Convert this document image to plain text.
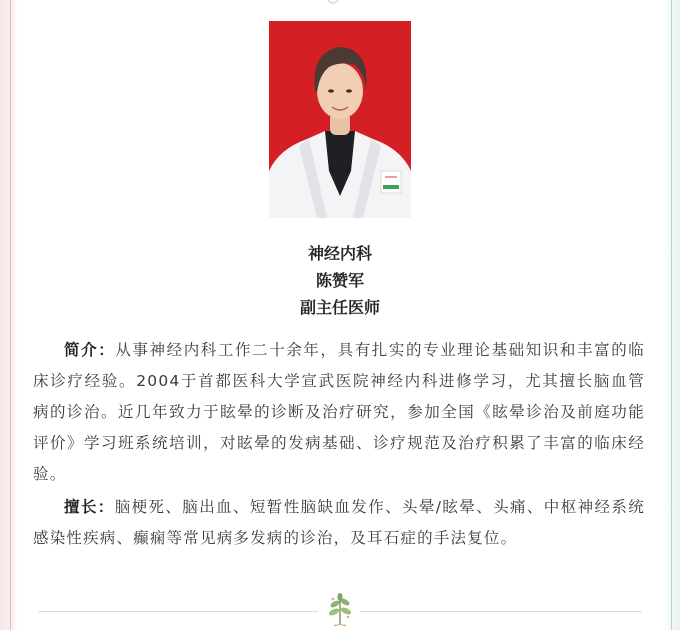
神经内科
陈赞军
副主任医师

简介：从事神经内科工作二十余年，具有扎实的专业理论基础知识和丰富的临床诊疗经验。2004于首都医科大学宣武医院神经内科进修学习，尤其擅长脑血管病的诊治。近几年致力于眩晕的诊断及治疗研究，参加全国《眩晕诊治及前庭功能评价》学习班系统培训，对眩晕的发病基础、诊疗规范及治疗积累了丰富的临床经验。

擅长：脑梗死、脑出血、短暂性脑缺血发作、头晕/眩晕、头痛、中枢神经系统感染性疾病、癫痫等常见病多发病的诊治，及耳石症的手法复位。
